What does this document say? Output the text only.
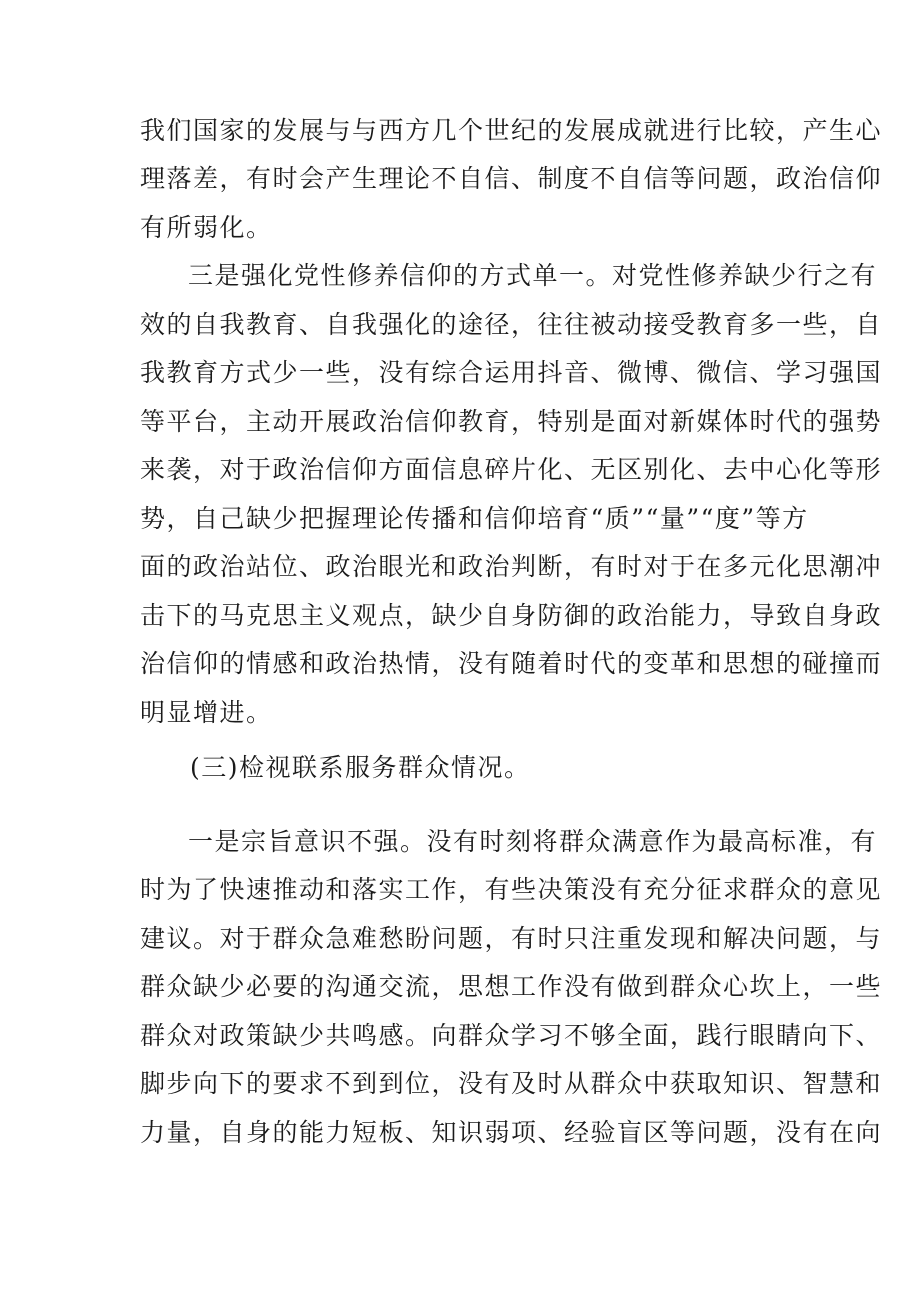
我们国家的发展与与西方几个世纪的发展成就进行比较，产生心
理落差，有时会产生理论不自信、制度不自信等问题，政治信仰
有所弱化。
三是强化党性修养信仰的方式单一。对党性修养缺少行之有
效的自我教育、自我强化的途径，往往被动接受教育多一些，自
我教育方式少一些，没有综合运用抖音、微博、微信、学习强国
等平台，主动开展政治信仰教育，特别是面对新媒体时代的强势
来袭，对于政治信仰方面信息碎片化、无区别化、去中心化等形
势，自己缺少把握理论传播和信仰培育“质”“量”“度”等方
面的政治站位、政治眼光和政治判断，有时对于在多元化思潮冲
击下的马克思主义观点，缺少自身防御的政治能力，导致自身政
治信仰的情感和政治热情，没有随着时代的变革和思想的碰撞而
明显增进。
(三)检视联系服务群众情况。
一是宗旨意识不强。没有时刻将群众满意作为最高标准，有
时为了快速推动和落实工作，有些决策没有充分征求群众的意见
建议。对于群众急难愁盼问题，有时只注重发现和解决问题，与
群众缺少必要的沟通交流，思想工作没有做到群众心坎上，一些
群众对政策缺少共鸣感。向群众学习不够全面，践行眼睛向下、
脚步向下的要求不到到位，没有及时从群众中获取知识、智慧和
力量，自身的能力短板、知识弱项、经验盲区等问题，没有在向
